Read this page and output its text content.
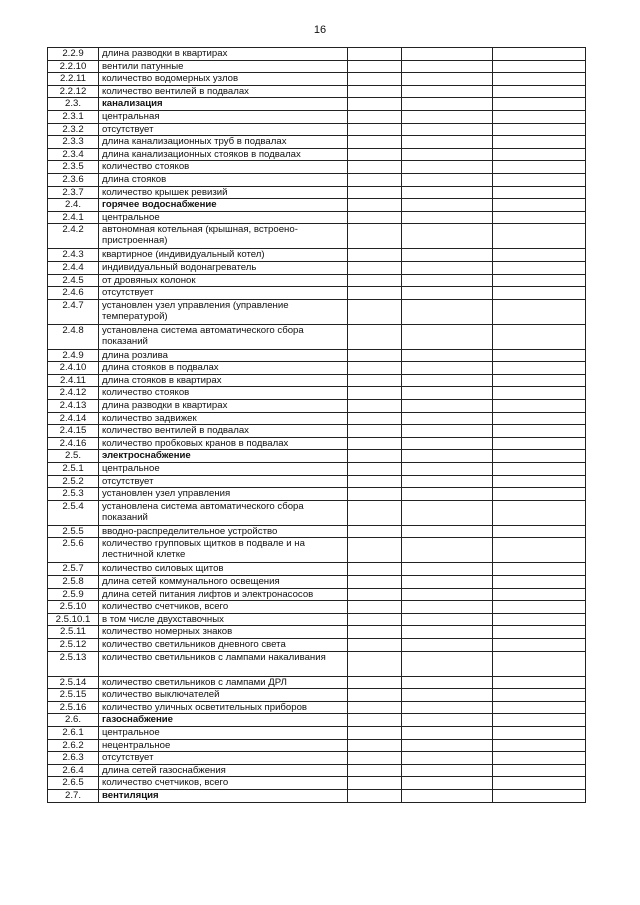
16
2.2.9	длина разводки в квартирах			
2.2.10	вентили патунные			
2.2.11	количество водомерных узлов			
2.2.12	количество вентилей в подвалах			
2.3.	канализация			
2.3.1	центральная			
2.3.2	отсутствует			
2.3.3	длина канализационных труб в подвалах			
2.3.4	длина канализационных стояков в подвалах			
2.3.5	количество стояков			
2.3.6	длина стояков			
2.3.7	количество крышек ревизий			
2.4.	горячее водоснабжение			
2.4.1	центральное			
2.4.2	автономная котельная (крышная, встроено-пристроенная)			
2.4.3	квартирное (индивидуальный котел)			
2.4.4	индивидуальный водонагреватель			
2.4.5	от дровяных колонок			
2.4.6	отсутствует			
2.4.7	установлен узел управления (управление температурой)			
2.4.8	установлена система автоматического сбора показаний			
2.4.9	длина розлива			
2.4.10	длина стояков в подвалах			
2.4.11	длина стояков в квартирах			
2.4.12	количество стояков			
2.4.13	длина разводки в квартирах			
2.4.14	количество задвижек			
2.4.15	количество вентилей в подвалах			
2.4.16	количество пробковых кранов в подвалах			
2.5.	электроснабжение			
2.5.1	центральное			
2.5.2	отсутствует			
2.5.3	установлен узел управления			
2.5.4	установлена система автоматического сбора показаний			
2.5.5	вводно-распределительное устройство			
2.5.6	количество групповых щитков в подвале и на лестничной клетке			
2.5.7	количество силовых щитов			
2.5.8	длина сетей коммунального освещения			
2.5.9	длина сетей питания лифтов и электронасосов			
2.5.10	количество счетчиков, всего			
2.5.10.1	в том числе двухставочных			
2.5.11	количество номерных знаков			
2.5.12	количество светильников дневного света			
2.5.13	количество светильников с лампами накаливания			
2.5.14	количество светильников с лампами ДРЛ			
2.5.15	количество выключателей			
2.5.16	количество уличных осветительных приборов			
2.6.	газоснабжение			
2.6.1	центральное			
2.6.2	нецентральное			
2.6.3	отсутствует			
2.6.4	длина сетей газоснабжения			
2.6.5	количество счетчиков, всего			
2.7.	вентиляция			
